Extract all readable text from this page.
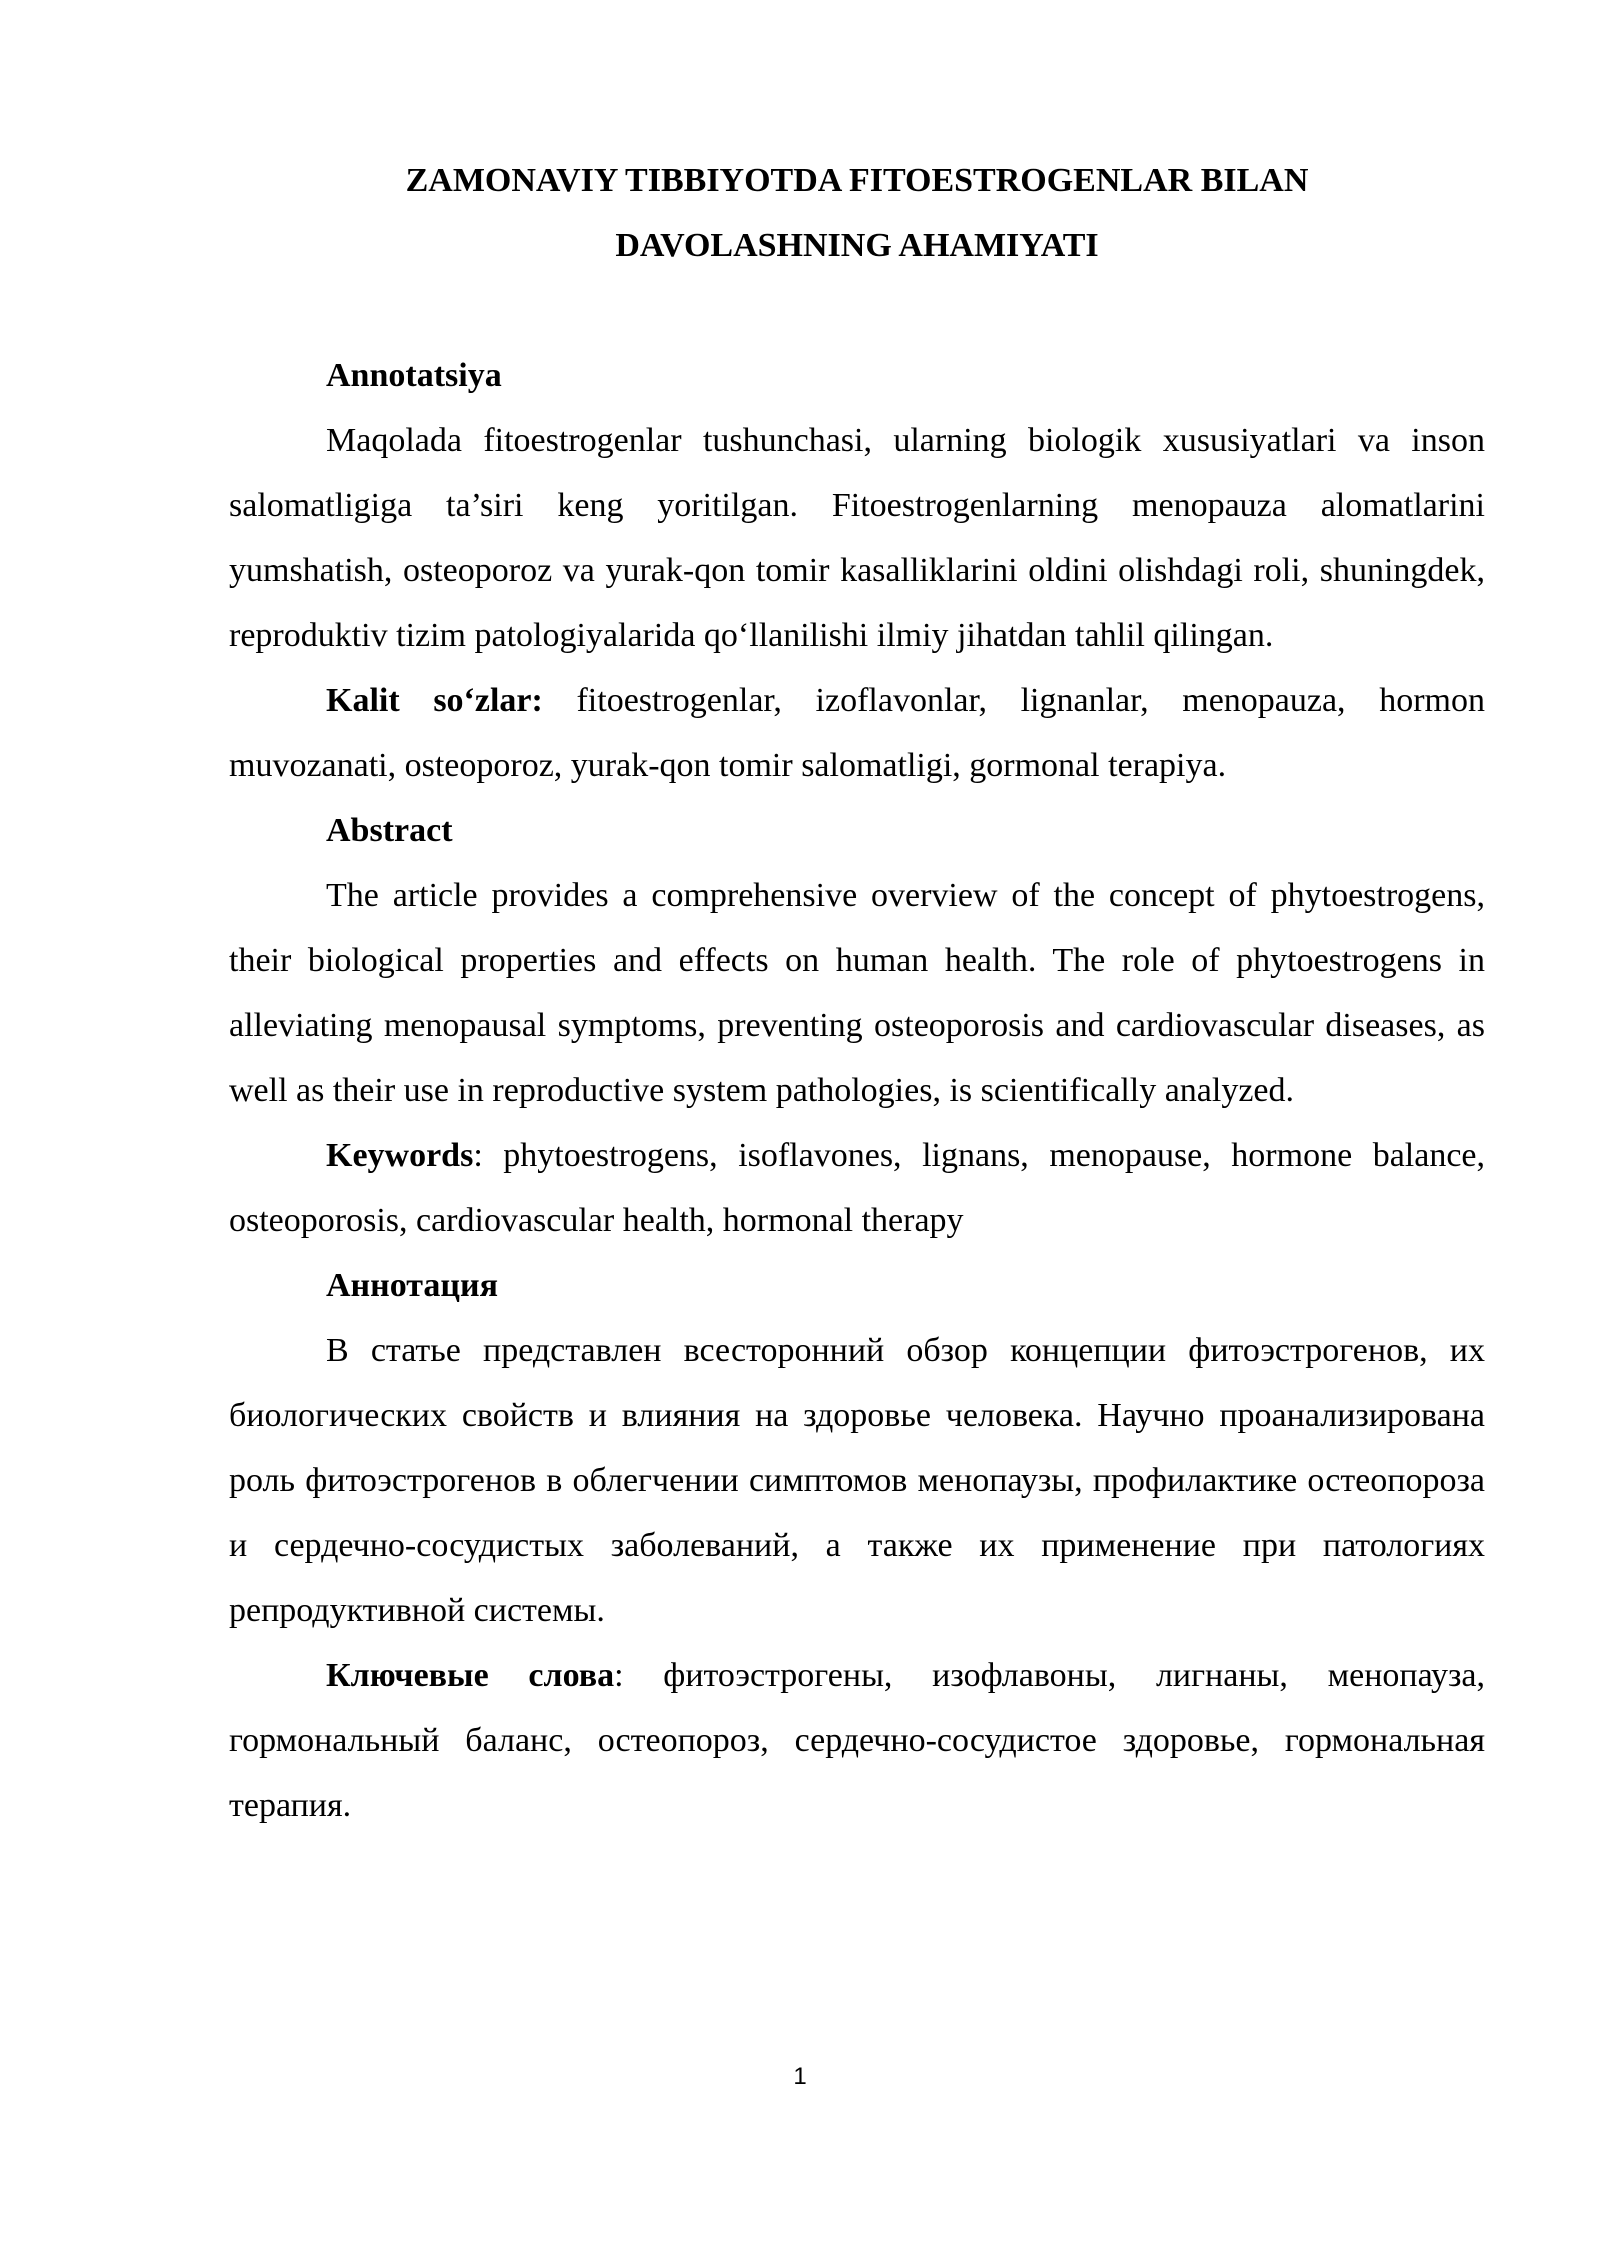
ZAMONAVIY TIBBIYOTDA FITOESTROGENLAR BILAN
DAVOLASHNING AHAMIYATI
Annotatsiya

Maqolada fitoestrogenlar tushunchasi, ularning biologik xususiyatlari va inson salomatligiga ta’siri keng yoritilgan. Fitoestrogenlarning menopauza alomatlarini yumshatish, osteoporoz va yurak-qon tomir kasalliklarini oldini olishdagi roli, shuningdek, reproduktiv tizim patologiyalarida qo‘llanilishi ilmiy jihatdan tahlil qilingan.

Kalit so‘zlar: fitoestrogenlar, izoflavonlar, lignanlar, menopauza, hormon muvozanati, osteoporoz, yurak-qon tomir salomatligi, gormonal terapiya.

Abstract

The article provides a comprehensive overview of the concept of phytoestrogens, their biological properties and effects on human health. The role of phytoestrogens in alleviating menopausal symptoms, preventing osteoporosis and cardiovascular diseases, as well as their use in reproductive system pathologies, is scientifically analyzed.

Keywords: phytoestrogens, isoflavones, lignans, menopause, hormone balance, osteoporosis, cardiovascular health, hormonal therapy

Аннотация

В статье представлен всесторонний обзор концепции фитоэстрогенов, их биологических свойств и влияния на здоровье человека. Научно проанализирована роль фитоэстрогенов в облегчении симптомов менопаузы, профилактике остеопороза и сердечно-сосудистых заболеваний, а также их применение при патологиях репродуктивной системы.

Ключевые слова: фитоэстрогены, изофлавоны, лигнаны, менопауза, гормональный баланс, остеопороз, сердечно-сосудистое здоровье, гормональная терапия.

1
